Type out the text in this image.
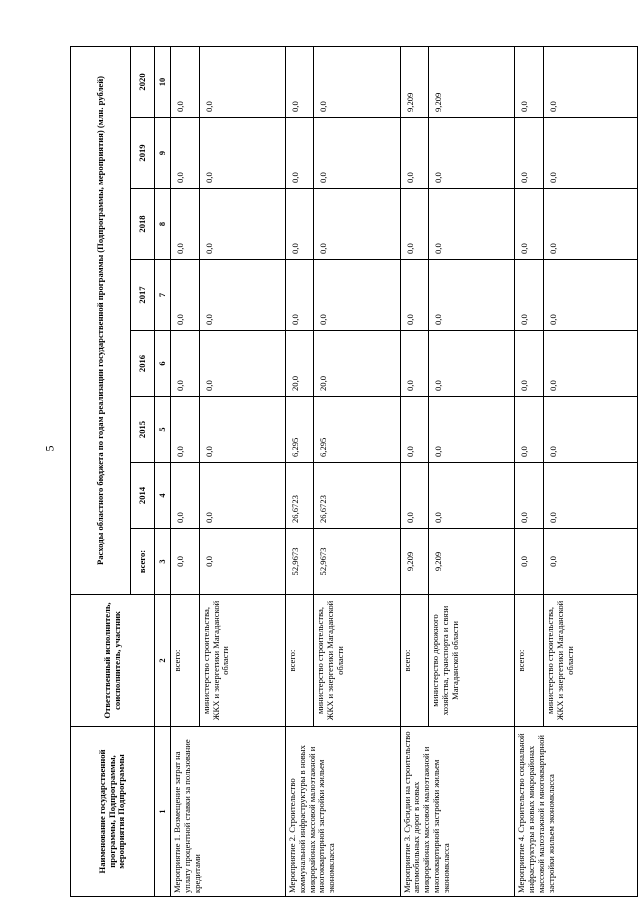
5
Наименование государственной программы, Подпрограммы, мероприятия Подпрограммы	Ответственный исполнитель, соисполнитель, участник	Расходы областного бюджета по годам реализации государственной программы (Подпрограммы, мероприятия) (млн. рублей)							
		всего:	2014	2015	2016	2017	2018	2019	2020
1	2	3	4	5	6	7	8	9	10
Мероприятие 1. Возмещение затрат на уплату процентной ставки за пользование кредитами	всего:	0,0	0,0	0,0	0,0	0,0	0,0	0,0	0,0
	министерство строительства, ЖКХ и энергетики Магаданской области	0,0	0,0	0,0	0,0	0,0	0,0	0,0	0,0
Мероприятие 2. Строительство коммунальной инфраструктуры в новых микрорайонах массовой малоэтажной и многоквартирной застройки жильем экономкласса	всего:	52,9673	26,6723	6,295	20,0	0,0	0,0	0,0	0,0
	министерство строительства, ЖКХ и энергетики Магаданской области	52,9673	26,6723	6,295	20,0	0,0	0,0	0,0	0,0
Мероприятие 3. Субсидии на строительство автомобильных дорог в новых микрорайонах массовой малоэтажной и многоквартирной застройки жильем экономкласса	всего:	9,209	0,0	0,0	0,0	0,0	0,0	0,0	9,209
	министерство дорожного хозяйства, транспорта и связи Магаданской области	9,209	0,0	0,0	0,0	0,0	0,0	0,0	9,209
Мероприятие 4. Строительство социальной инфраструктуры в новых микрорайонах массовой малоэтажной и многоквартирной застройки жильем экономкласса	всего:	0,0	0,0	0,0	0,0	0,0	0,0	0,0	0,0
	министерство строительства, ЖКХ и энергетики Магаданской области	0,0	0,0	0,0	0,0	0,0	0,0	0,0	0,0
